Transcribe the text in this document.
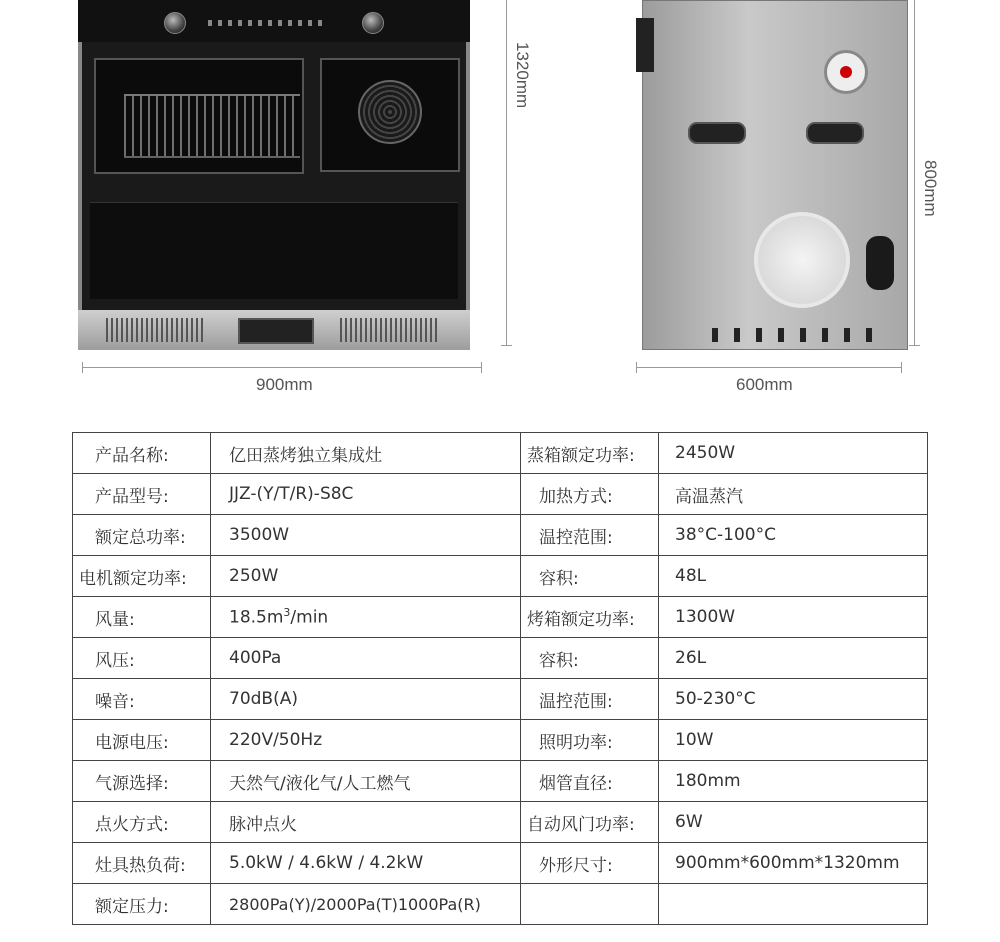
1320mm
900mm
800mm
600mm
产品名称:	亿田蒸烤独立集成灶	蒸箱额定功率:	2450W
产品型号:	JJZ-(Y/T/R)-S8C	加热方式:	高温蒸汽
额定总功率:	3500W	温控范围:	38°C-100°C
电机额定功率:	250W	容积:	48L
风量:	$18.5m^3/\min$	烤箱额定功率:	1300W
风压:	400Pa	容积:	26L
噪音:	70dB(A)	温控范围:	50-230°C
电源电压:	220V/50Hz	照明功率:	10W
气源选择:	天然气/液化气/人工燃气	烟管直径:	180mm
点火方式:	脉冲点火	自动风门功率:	6W
灶具热负荷:	5.0kW / 4.6kW / 4.2kW	外形尺寸:	900mm*600mm*1320mm
额定压力:	2800Pa(Y)/2000Pa(T)1000Pa(R)		
